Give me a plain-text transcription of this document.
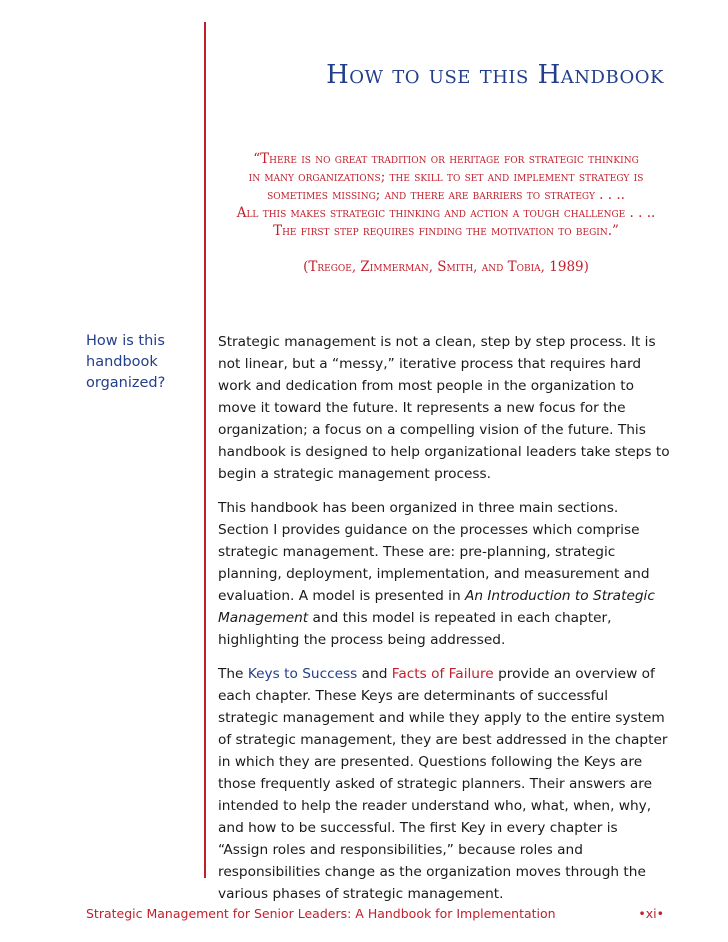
How to use this Handbook

“There is no great tradition or heritage for strategic thinking

in many organizations; the skill to set and implement strategy is

sometimes missing; and there are barriers to strategy . . ..

All this makes strategic thinking and action a tough challenge . . ..

The first step requires finding the motivation to begin.”

(Tregoe, Zimmerman, Smith, and Tobia, 1989)

How is this
handbook
organized?

Strategic management is not a clean, step by step process. It is not linear, but a “messy,” iterative process that requires hard work and dedication from most people in the organization to move it toward the future. It represents a new focus for the organization; a focus on a compelling vision of the future. This handbook is designed to help organizational leaders take steps to begin a strategic management process.

This handbook has been organized in three main sections. Section I provides guidance on the processes which comprise strategic management. These are: pre-planning, strategic planning, deployment, implementation, and measurement and evaluation. A model is presented in An Introduction to Strategic Management and this model is repeated in each chapter, highlighting the process being addressed.

The Keys to Success and Facts of Failure provide an overview of each chapter. These Keys are determinants of successful strategic management and while they apply to the entire system of strategic management, they are best addressed in the chapter in which they are presented. Questions following the Keys are those frequently asked of strategic planners. Their answers are intended to help the reader understand who, what, when, why, and how to be successful. The first Key in every chapter is “Assign roles and responsibilities,” because roles and responsibilities change as the organization moves through the various phases of strategic management.

Strategic Management for Senior Leaders: A Handbook for Implementation	•xi•
